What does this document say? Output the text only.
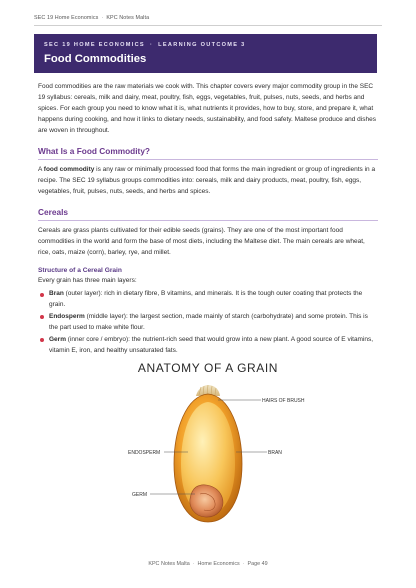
SEC 19 Home Economics · KPC Notes Malta
SEC 19 HOME ECONOMICS · LEARNING OUTCOME 3
Food Commodities

Food commodities are the raw materials we cook with. This chapter covers every major commodity group in the SEC 19 syllabus: cereals, milk and dairy, meat, poultry, fish, eggs, vegetables, fruit, pulses, nuts, seeds, and herbs and spices. For each group you need to know what it is, what nutrients it provides, how to buy, store, and prepare it, what happens during cooking, and how it links to dietary needs, sustainability, and food safety. Maltese produce and dishes are woven in throughout.

What Is a Food Commodity?

A food commodity is any raw or minimally processed food that forms the main ingredient or group of ingredients in a recipe. The SEC 19 syllabus groups commodities into: cereals, milk and dairy products, meat, poultry, fish, eggs, vegetables, fruit, pulses, nuts, seeds, and herbs and spices.

Cereals

Cereals are grass plants cultivated for their edible seeds (grains). They are one of the most important food commodities in the world and form the base of most diets, including the Maltese diet. The main cereals are wheat, rice, oats, maize (corn), barley, rye, and millet.

Structure of a Cereal Grain

Every grain has three main layers:

Bran (outer layer): rich in dietary fibre, B vitamins, and minerals. It is the tough outer coating that protects the grain.
Endosperm (middle layer): the largest section, made mainly of starch (carbohydrate) and some protein. This is the part used to make white flour.
Germ (inner core / embryo): the nutrient-rich seed that would grow into a new plant. A good source of E vitamins, vitamin E, iron, and healthy unsaturated fats.
ANATOMY OF A GRAIN
HAIRS OF BRUSH
BRAN
ENDOSPERM
GERM
KPC Notes Malta · Home Economics · Page 49
